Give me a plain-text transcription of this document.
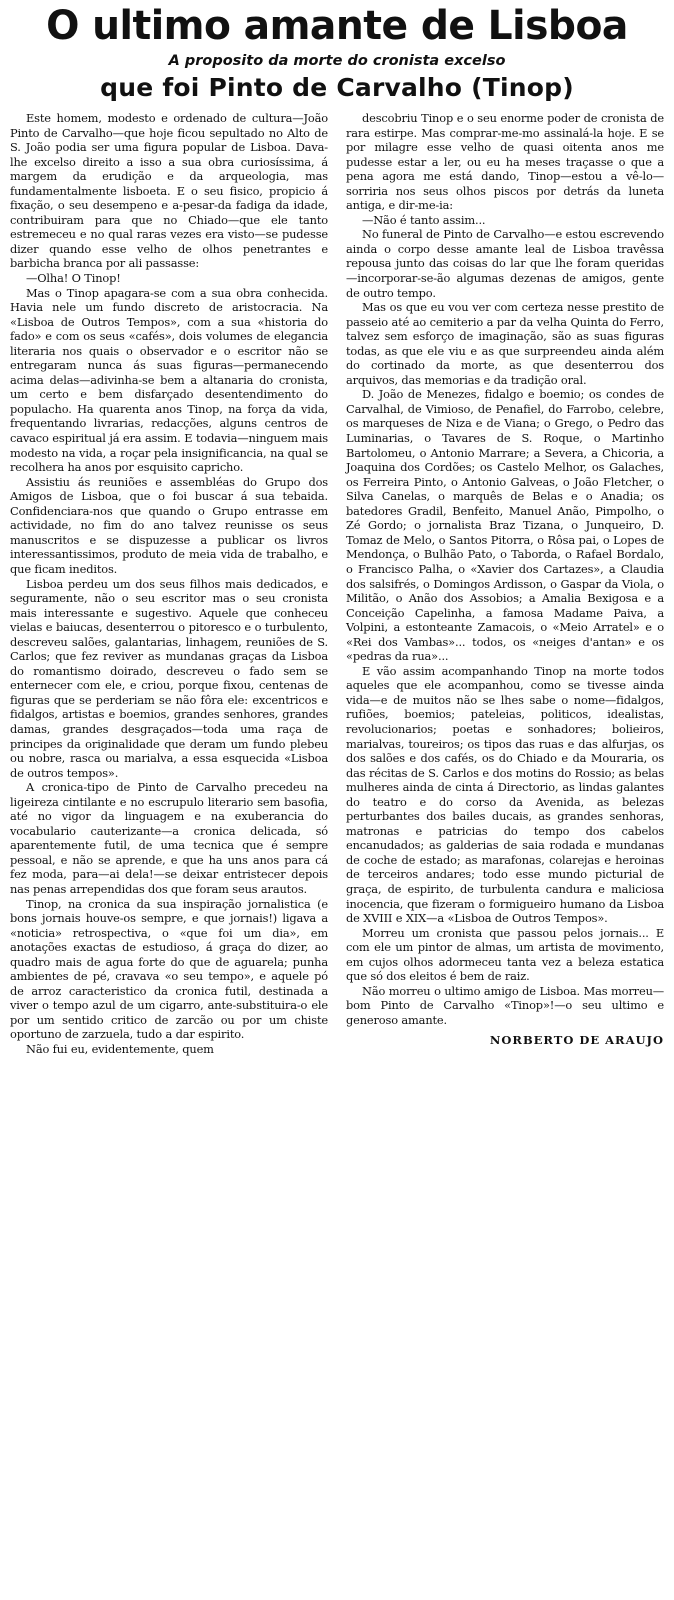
O ultimo amante de Lisboa
A proposito da morte do cronista excelso
que foi Pinto de Carvalho (Tinop)

Este homem, modesto e ordenado de cultura—João Pinto de Carvalho—que hoje ficou sepultado no Alto de S. João podia ser uma figura popular de Lisboa. Dava-lhe excelso direito a isso a sua obra curiosíssima, á margem da erudição e da arqueologia, mas fundamentalmente lisboeta. E o seu fisico, propicio á fixação, o seu desempeno e a-pesar-da fadiga da idade, contribuiram para que no Chiado—que ele tanto estremeceu e no qual raras vezes era visto—se pudesse dizer quando esse velho de olhos penetrantes e barbicha branca por ali passasse:

—Olha! O Tinop!

Mas o Tinop apagara-se com a sua obra conhecida. Havia nele um fundo discreto de aristocracia. Na «Lisboa de Outros Tempos», com a sua «historia do fado» e com os seus «cafés», dois volumes de elegancia literaria nos quais o observador e o escritor não se entregaram nunca ás suas figuras—permanecendo acima delas—adivinha-se bem a altanaria do cronista, um certo e bem disfarçado desentendimento do populacho. Ha quarenta anos Tinop, na força da vida, frequentando livrarias, redacções, alguns centros de cavaco espiritual já era assim. E todavia—ninguem mais modesto na vida, a roçar pela insignificancia, na qual se recolhera ha anos por esquisito capricho.

Assistiu ás reuniões e assembléas do Grupo dos Amigos de Lisboa, que o foi buscar á sua tebaida. Confidenciara-nos que quando o Grupo entrasse em actividade, no fim do ano talvez reunisse os seus manuscritos e se dispuzesse a publicar os livros interessantissimos, produto de meia vida de trabalho, e que ficam ineditos.

Lisboa perdeu um dos seus filhos mais dedicados, e seguramente, não o seu escritor mas o seu cronista mais interessante e sugestivo. Aquele que conheceu vielas e baiucas, desenterrou o pitoresco e o turbulento, descreveu salões, galantarias, linhagem, reuniões de S. Carlos; que fez reviver as mundanas graças da Lisboa do romantismo doirado, descreveu o fado sem se enternecer com ele, e criou, porque fixou, centenas de figuras que se perderiam se não fôra ele: excentricos e fidalgos, artistas e boemios, grandes senhores, grandes damas, grandes desgraçados—toda uma raça de principes da originalidade que deram um fundo plebeu ou nobre, rasca ou marialva, a essa esquecida «Lisboa de outros tempos».

A cronica-tipo de Pinto de Carvalho precedeu na ligeireza cintilante e no escrupulo literario sem basofia, até no vigor da linguagem e na exuberancia do vocabulario cauterizante—a cronica delicada, só aparentemente futil, de uma tecnica que é sempre pessoal, e não se aprende, e que ha uns anos para cá fez moda, para—ai dela!—se deixar entristecer depois nas penas arrependidas dos que foram seus arautos.

Tinop, na cronica da sua inspiração jornalistica (e bons jornais houve-os sempre, e que jornais!) ligava a «noticia» retrospectiva, o «que foi um dia», em anotações exactas de estudioso, á graça do dizer, ao quadro mais de agua forte do que de aguarela; punha ambientes de pé, cravava «o seu tempo», e aquele pó de arroz caracteristico da cronica futil, destinada a viver o tempo azul de um cigarro, ante-substituira-o ele por um sentido critico de zarcão ou por um chiste oportuno de zarzuela, tudo a dar espirito.

Não fui eu, evidentemente, quem

descobriu Tinop e o seu enorme poder de cronista de rara estirpe. Mas comprar-me-mo assinalá-la hoje. E se por milagre esse velho de quasi oitenta anos me pudesse estar a ler, ou eu ha meses traçasse o que a pena agora me está dando, Tinop—estou a vê-lo—sorriria nos seus olhos piscos por detrás da luneta antiga, e dir-me-ia:

—Não é tanto assim...

No funeral de Pinto de Carvalho—e estou escrevendo ainda o corpo desse amante leal de Lisboa travêssa repousa junto das coisas do lar que lhe foram queridas—incorporar-se-ão algumas dezenas de amigos, gente de outro tempo.

Mas os que eu vou ver com certeza nesse prestito de passeio até ao cemiterio a par da velha Quinta do Ferro, talvez sem esforço de imaginação, são as suas figuras todas, as que ele viu e as que surpreendeu ainda além do cortinado da morte, as que desenterrou dos arquivos, das memorias e da tradição oral.

D. João de Menezes, fidalgo e boemio; os condes de Carvalhal, de Vimioso, de Penafiel, do Farrobo, celebre, os marqueses de Niza e de Viana; o Grego, o Pedro das Luminarias, o Tavares de S. Roque, o Martinho Bartolomeu, o Antonio Marrare; a Severa, a Chicoria, a Joaquina dos Cordões; os Castelo Melhor, os Galaches, os Ferreira Pinto, o Antonio Galveas, o João Fletcher, o Silva Canelas, o marquês de Belas e o Anadia; os batedores Gradil, Benfeito, Manuel Anão, Pimpolho, o Zé Gordo; o jornalista Braz Tizana, o Junqueiro, D. Tomaz de Melo, o Santos Pitorra, o Rôsa pai, o Lopes de Mendonça, o Bulhão Pato, o Taborda, o Rafael Bordalo, o Francisco Palha, o «Xavier dos Cartazes», a Claudia dos salsifrés, o Domingos Ardisson, o Gaspar da Viola, o Militão, o Anão dos Assobios; a Amalia Bexigosa e a Conceição Capelinha, a famosa Madame Paiva, a Volpini, a estonteante Zamacois, o «Meio Arratel» e o «Rei dos Vambas»... todos, os «neiges d'antan» e os «pedras da rua»...

E vão assim acompanhando Tinop na morte todos aqueles que ele acompanhou, como se tivesse ainda vida—e de muitos não se lhes sabe o nome—fidalgos, rufiões, boemios; pateleias, politicos, idealistas, revolucionarios; poetas e sonhadores; bolieiros, marialvas, toureiros; os tipos das ruas e das alfurjas, os dos salões e dos cafés, os do Chiado e da Mouraria, os das récitas de S. Carlos e dos motins do Rossio; as belas mulheres ainda de cinta á Directorio, as lindas galantes do teatro e do corso da Avenida, as belezas perturbantes dos bailes ducais, as grandes senhoras, matronas e patricias do tempo dos cabelos encanudados; as galderias de saia rodada e mundanas de coche de estado; as marafonas, colarejas e heroinas de terceiros andares; todo esse mundo picturial de graça, de espirito, de turbulenta candura e maliciosa inocencia, que fizeram o formigueiro humano da Lisboa de XVIII e XIX—a «Lisboa de Outros Tempos».

Morreu um cronista que passou pelos jornais... E com ele um pintor de almas, um artista de movimento, em cujos olhos adormeceu tanta vez a beleza estatica que só dos eleitos é bem de raiz.

Não morreu o ultimo amigo de Lisboa. Mas morreu—bom Pinto de Carvalho «Tinop»!—o seu ultimo e generoso amante.

NORBERTO DE ARAUJO
